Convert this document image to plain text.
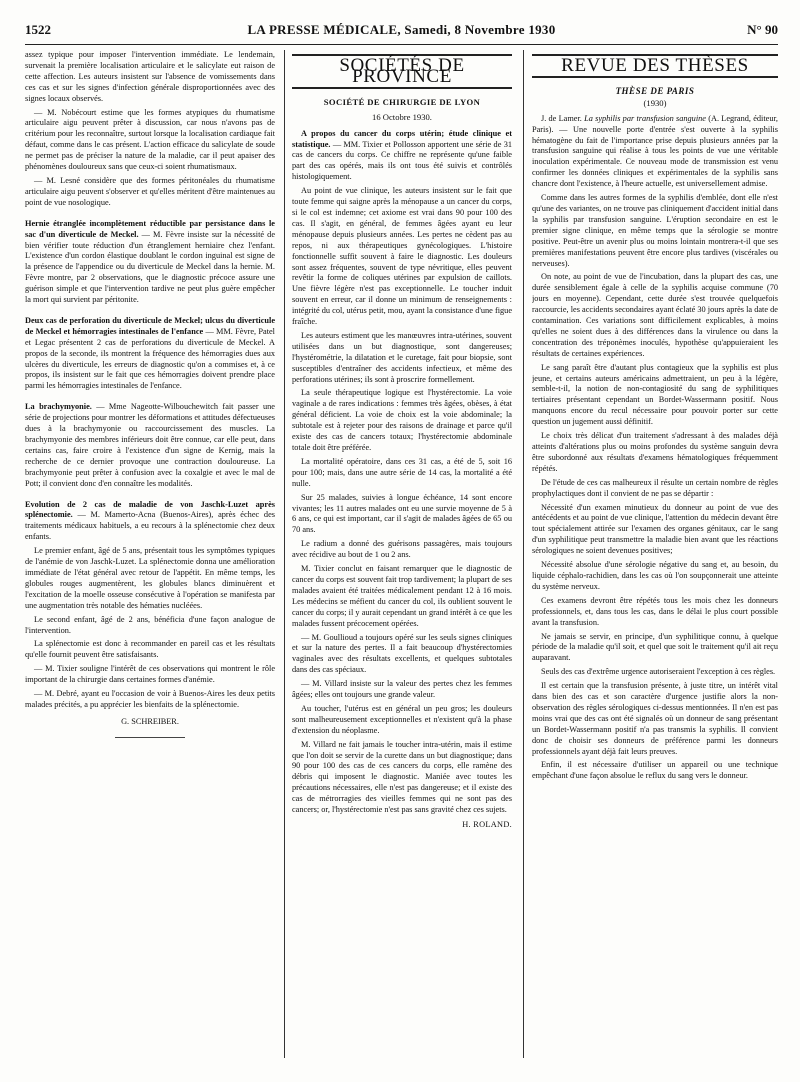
1522	LA PRESSE MÉDICALE, Samedi, 8 Novembre 1930	N° 90

assez typique pour imposer l'intervention immédiate. Le lendemain, survenait la première localisation articulaire et le salicylate eut raison de cette affection. Les auteurs insistent sur l'absence de vomissements dans ces cas et sur les signes d'infection générale disproportionnées avec des signes locaux observés.

— M. Nobécourt estime que les formes atypiques du rhumatisme articulaire aigu peuvent prêter à discussion, car nous n'avons pas de critérium pour les reconnaître, surtout lorsque la localisation cardiaque fait défaut, comme dans le cas présent. L'action efficace du salicylate de soude ne permet pas de préciser la nature de la maladie, car il peut apaiser des phénomènes douloureux sans que ceux-ci soient rhumatismaux.

— M. Lesné considère que des formes péritonéales du rhumatisme articulaire aigu peuvent s'observer et qu'elles méritent d'être maintenues au point de vue nosologique.

Hernie étranglée incomplètement réductible par persistance dans le sac d'un diverticule de Meckel. — M. Fèvre insiste sur la nécessité de bien vérifier toute réduction d'un étranglement herniaire chez l'enfant. L'existence d'un cordon élastique doublant le cordon inguinal est signe de la présence de l'appendice ou du diverticule de Meckel dans la hernie. M. Fèvre montre, par 2 observations, que le diagnostic précoce assure une guérison simple et que l'intervention tardive ne peut plus guère empêcher la mort qui survient par péritonite.

Deux cas de perforation du diverticule de Meckel; ulcus du diverticule de Meckel et hémorragies intestinales de l'enfance — MM. Fèvre, Patel et Legac présentent 2 cas de perforations du diverticule de Meckel. A propos de la seconde, ils montrent la fréquence des hémorragies dues aux ulcères du diverticule, les erreurs de diagnostic qu'on a commises et, à ce propos, ils insistent sur le fait que ces hémorragies doivent prendre place parmi les hémorragies intestinales de l'enfance.

La brachymyonie. — Mme Nageotte-Wilbouchewitch fait passer une série de projections pour montrer les déformations et attitudes défectueuses dues à la brachymyonie ou raccourcissement des muscles. La brachymyonie des membres inférieurs doit être connue, car elle peut, dans certains cas, faire croire à l'existence d'un signe de Kernig, mais la recherche de ce dernier provoque une contraction douloureuse. La brachymyonie peut prêter à confusion avec la coxalgie et avec le mal de Pott; il convient donc d'en connaître les modalités.

Evolution de 2 cas de maladie de von Jaschk-Luzet après splénectomie. — M. Mamerto-Acna (Buenos-Aires), après échec des traitements médicaux habituels, a eu recours à la splénectomie chez deux enfants.

Le premier enfant, âgé de 5 ans, présentait tous les symptômes typiques de l'anémie de von Jaschk-Luzet. La splénectomie donna une amélioration immédiate de l'état général avec retour de l'appétit. En même temps, les globules rouges augmentèrent, les globules blancs diminuèrent et l'excitation de la moelle osseuse consécutive à l'opération se manifesta par une augmentation très notable des hématies nucléées.

Le second enfant, âgé de 2 ans, bénéficia d'une façon analogue de l'intervention.

La splénectomie est donc à recommander en pareil cas et les résultats qu'elle fournit peuvent être satisfaisants.

— M. Tixier souligne l'intérêt de ces observations qui montrent le rôle important de la chirurgie dans certaines formes d'anémie.

— M. Debré, ayant eu l'occasion de voir à Buenos-Aires les deux petits malades précités, a pu apprécier les bienfaits de la splénectomie.

G. SCHREIBER.
SOCIÉTÉS DE PROVINCE
SOCIÉTÉ DE CHIRURGIE DE LYON
16 Octobre 1930.

A propos du cancer du corps utérin; étude clinique et statistique. — MM. Tixier et Pollosson apportent une série de 31 cas de cancers du corps. Ce chiffre ne représente qu'une faible part des cas opérés, mais ils ont tous été suivis et contrôlés histologiquement.

Au point de vue clinique, les auteurs insistent sur le fait que toute femme qui saigne après la ménopause a un cancer du corps, si le col est indemne; cet axiome est vrai dans 90 pour 100 des cas. Il s'agit, en général, de femmes âgées ayant eu leur ménopause depuis plusieurs années. Les pertes ne cèdent pas au repos, ni aux thérapeutiques gynécologiques. L'histoire fonctionnelle suffit souvent à faire le diagnostic. Les douleurs sont assez fréquentes, souvent de type névritique, elles peuvent revêtir la forme de coliques utérines par expulsion de caillots. Une fièvre légère n'est pas exceptionnelle. Le toucher induit souvent en erreur, car il donne un minimum de renseignements : intégrité du col, utérus petit, mou, ayant la consistance d'une figue fraîche.

Les auteurs estiment que les manœuvres intra-utérines, souvent utilisées dans un but diagnostique, sont dangereuses; l'hystérométrie, la dilatation et le curetage, fait pour biopsie, sont susceptibles d'entraîner des accidents infectieux, et même des perforations utérines; ils sont à proscrire formellement.

La seule thérapeutique logique est l'hystérectomie. La voie vaginale a de rares indications : femmes très âgées, obèses, à état général déficient. La voie de choix est la voie abdominale; la subtotale est à rejeter pour des raisons de drainage et parce qu'il existe des cas de cancers totaux; l'hystérectomie abdominale totale doit être préférée.

La mortalité opératoire, dans ces 31 cas, a été de 5, soit 16 pour 100; mais, dans une autre série de 14 cas, la mortalité a été nulle.

Sur 25 malades, suivies à longue échéance, 14 sont encore vivantes; les 11 autres malades ont eu une survie moyenne de 5 à 6 ans, ce qui est important, car il s'agit de malades âgées de 65 ou 70 ans.

Le radium a donné des guérisons passagères, mais toujours avec récidive au bout de 1 ou 2 ans.

M. Tixier conclut en faisant remarquer que le diagnostic de cancer du corps est souvent fait trop tardivement; la plupart de ses malades avaient été traitées médicalement pendant 12 à 16 mois. Les médecins se méfient du cancer du col, ils oublient souvent le cancer du corps; il y aurait cependant un grand intérêt à ce que les malades fussent précocement opérées.

— M. Goullioud a toujours opéré sur les seuls signes cliniques et sur la nature des pertes. Il a fait beaucoup d'hystérectomies vaginales avec des résultats excellents, et quelques subtotales dans des cas spéciaux.

— M. Villard insiste sur la valeur des pertes chez les femmes âgées; elles ont toujours une grande valeur.

Au toucher, l'utérus est en général un peu gros; les douleurs sont malheureusement exceptionnelles et n'existent qu'à la phase d'extension du néoplasme.

M. Villard ne fait jamais le toucher intra-utérin, mais il estime que l'on doit se servir de la curette dans un but diagnostique; dans 90 pour 100 des cas de ces cancers du corps, elle ramène des débris qui imposent le diagnostic. Maniée avec toutes les précautions nécessaires, elle n'est pas dangereuse; et il existe des cas de métrorragies des vieilles femmes qui ne sont pas des cancers; or, l'hystérectomie n'est pas sans gravité chez ces sujets.

H. ROLAND.
REVUE DES THÈSES
THÈSE DE PARIS
(1930)

J. de Lamer. La syphilis par transfusion sanguine (A. Legrand, éditeur, Paris). — Une nouvelle porte d'entrée s'est ouverte à la syphilis hématogène du fait de l'importance prise depuis plusieurs années par la transfusion sanguine qui réalise à tous les points de vue une véritable inoculation expérimentale. Ce nouveau mode de transmission est venu confirmer les données cliniques et expérimentales de la syphilis sans chancre dont l'existence, à l'heure actuelle, est universellement admise.

Comme dans les autres formes de la syphilis d'emblée, dont elle n'est qu'une des variantes, on ne trouve pas cliniquement d'accident initial dans la syphilis par transfusion sanguine. L'éruption secondaire en est le premier signe clinique, en même temps que la sérologie se montre positive. Peut-être un avenir plus ou moins lointain montrera-t-il que ses premières manifestations peuvent être encore plus tardives (viscérales ou nerveuses).

On note, au point de vue de l'incubation, dans la plupart des cas, une durée sensiblement égale à celle de la syphilis acquise commune (70 jours en moyenne). Cependant, cette durée s'est trouvée quelquefois raccourcie, les accidents secondaires ayant éclaté 30 jours après la date de contamination. Ces variations sont difficilement explicables, à moins qu'elles ne soient dues à des différences dans la virulence ou dans la concentration des tréponèmes inoculés, hypothèse qu'appuieraient les résultats de certaines expériences.

Le sang paraît être d'autant plus contagieux que la syphilis est plus jeune, et certains auteurs américains admettraient, un peu à la légère, semble-t-il, la notion de non-contagiosité du sang de syphilitiques tertiaires présentant cependant un Bordet-Wassermann positif. Nous manquons encore du recul nécessaire pour pouvoir porter sur cette question un jugement aussi définitif.

Le choix très délicat d'un traitement s'adressant à des malades déjà atteints d'altérations plus ou moins profondes du système sanguin devra être subordonné aux résultats d'examens hématologiques fréquemment répétés.

De l'étude de ces cas malheureux il résulte un certain nombre de règles prophylactiques dont il convient de ne pas se départir :

Nécessité d'un examen minutieux du donneur au point de vue des antécédents et au point de vue clinique, l'attention du médecin devant être tout spécialement attirée sur l'examen des organes génitaux, car le sang d'un syphilitique peut transmettre la maladie bien avant que les réactions sérologiques ne soient devenues positives;

Nécessité absolue d'une sérologie négative du sang et, au besoin, du liquide céphalo-rachidien, dans les cas où l'on soupçonnerait une atteinte du système nerveux.

Ces examens devront être répétés tous les mois chez les donneurs professionnels, et, dans tous les cas, dans le délai le plus court possible avant la transfusion.

Ne jamais se servir, en principe, d'un syphilitique connu, à quelque période de la maladie qu'il soit, et quel que soit le traitement qu'il ait reçu auparavant.

Seuls des cas d'extrême urgence autoriseraient l'exception à ces règles.

Il est certain que la transfusion présente, à juste titre, un intérêt vital dans bien des cas et son caractère d'urgence justifie alors la non-observation des règles sérologiques ci-dessus mentionnées. Il n'en est pas moins vrai que des cas ont été signalés où un donneur de sang présentant un Bordet-Wassermann positif n'a pas transmis la syphilis. Il convient donc de choisir ses donneurs de préférence parmi les donneurs professionnels ayant déjà fait leurs preuves.

Enfin, il est nécessaire d'utiliser un appareil ou une technique empêchant d'une façon absolue le reflux du sang vers le donneur.
